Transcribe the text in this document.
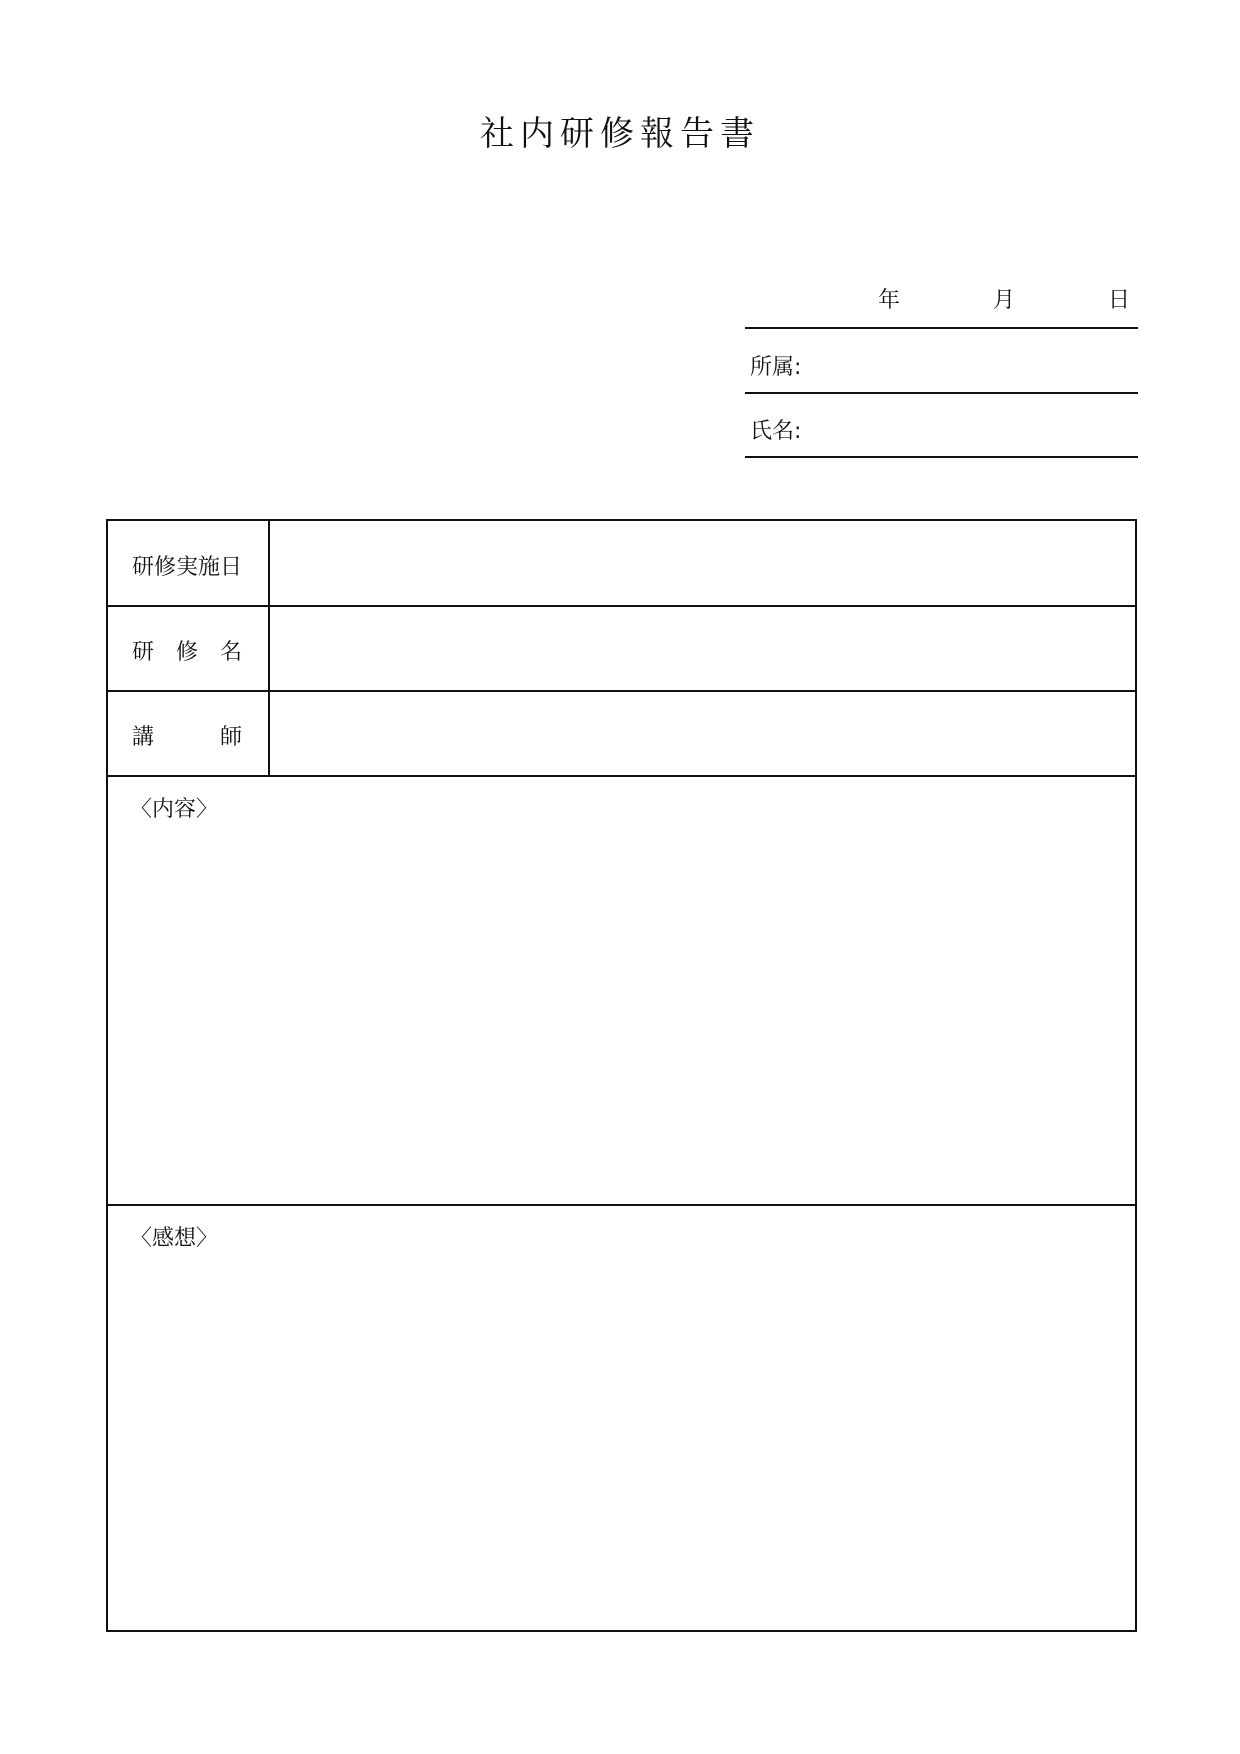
社内研修報告書
年	月	日
所属:
氏名:
研修実施日
研　修　名
講　　　師
〈内容〉
〈感想〉
